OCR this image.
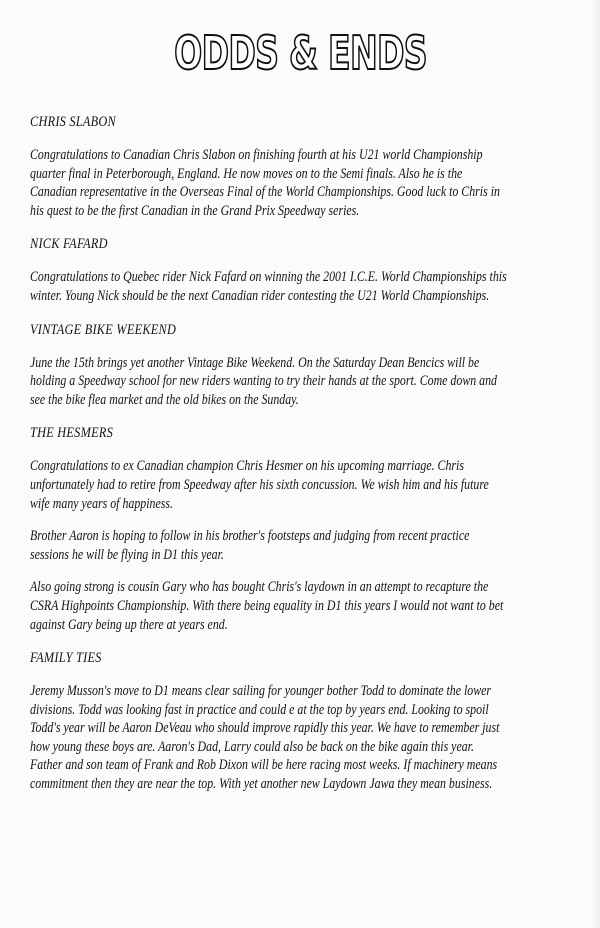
ODDS & ENDS
CHRIS SLABON
Congratulations to Canadian Chris Slabon on finishing fourth at his U21 world Championship
quarter final in Peterborough, England. He now moves on to the Semi finals. Also he is the
Canadian representative in the Overseas Final of the World Championships. Good luck to Chris in
his quest to be the first Canadian in the Grand Prix Speedway series.
NICK FAFARD
Congratulations to Quebec rider Nick Fafard on winning the 2001 I.C.E. World Championships this
winter. Young Nick should be the next Canadian rider contesting the U21 World Championships.
VINTAGE BIKE WEEKEND
June the 15th brings yet another Vintage Bike Weekend. On the Saturday Dean Bencics will be
holding a Speedway school for new riders wanting to try their hands at the sport. Come down and
see the bike flea market and the old bikes on the Sunday.
THE HESMERS
Congratulations to ex Canadian champion Chris Hesmer on his upcoming marriage. Chris
unfortunately had to retire from Speedway after his sixth concussion. We wish him and his future
wife many years of happiness.
Brother Aaron is hoping to follow in his brother's footsteps and judging from recent practice
sessions he will be flying in D1 this year.
Also going strong is cousin Gary who has bought Chris's laydown in an attempt to recapture the
CSRA Highpoints Championship. With there being equality in D1 this years I would not want to bet
against Gary being up there at years end.
FAMILY TIES
Jeremy Musson's move to D1 means clear sailing for younger bother Todd to dominate the lower
divisions. Todd was looking fast in practice and could e at the top by years end. Looking to spoil
Todd's year will be Aaron DeVeau who should improve rapidly this year. We have to remember just
how young these boys are. Aaron's Dad, Larry could also be back on the bike again this year.
Father and son team of Frank and Rob Dixon will be here racing most weeks. If machinery means
commitment then they are near the top. With yet another new Laydown Jawa they mean business.
